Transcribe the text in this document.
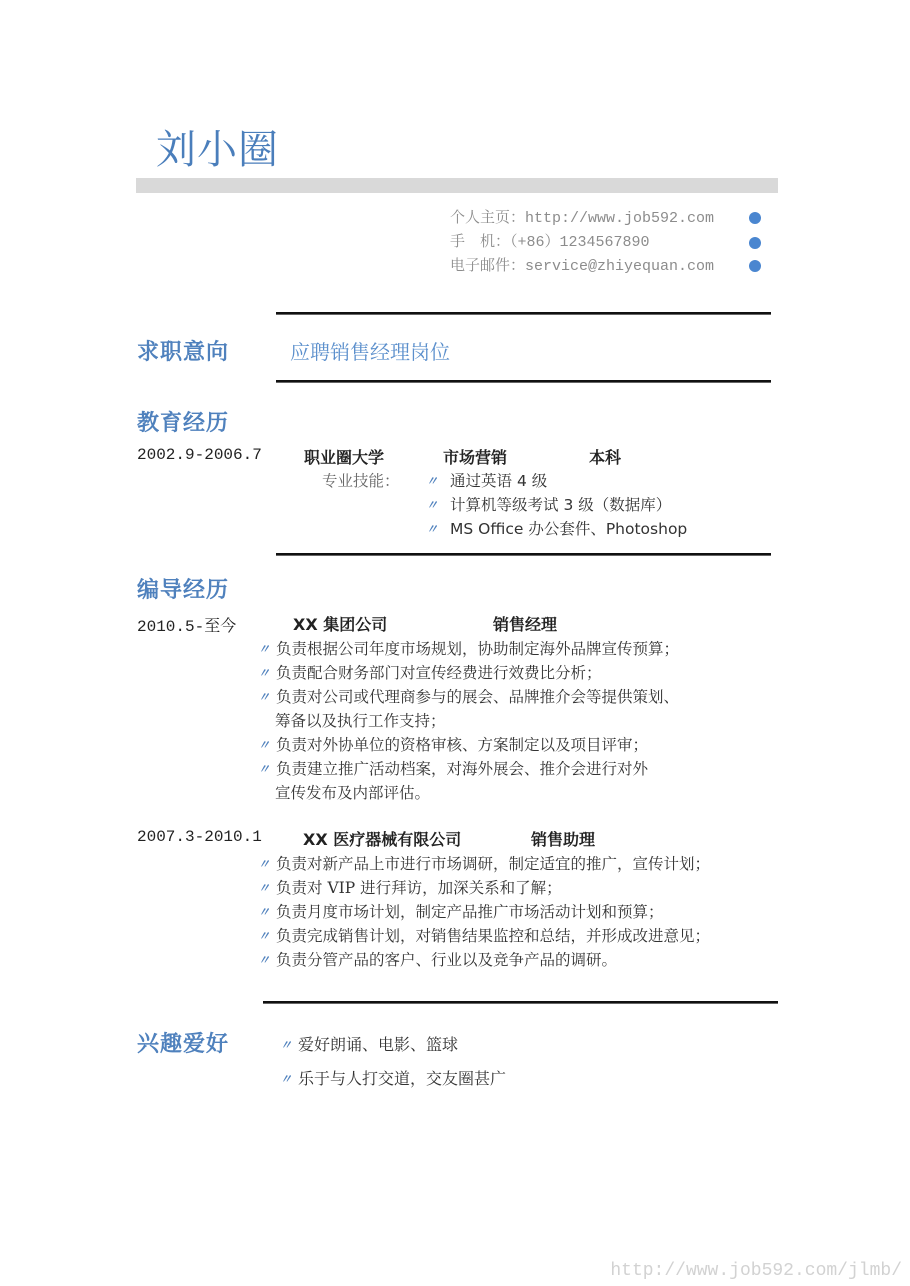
刘小圈
个人主页：http://www.job592.com
手　机：（+86）1234567890
电子邮件：service@zhiyequan.com
求职意向	应聘销售经理岗位
教育经历
2002.9-2006.7	职业圈大学	市场营销	本科
专业技能： 〃 通过英语 4 级
〃 计算机等级考试 3 级（数据库）
〃 MS Office 办公套件、Photoshop
编导经历
2010.5-至今	XX 集团公司	销售经理
〃 负责根据公司年度市场规划，协助制定海外品牌宣传预算；
〃 负责配合财务部门对宣传经费进行效费比分析；
〃 负责对公司或代理商参与的展会、品牌推介会等提供策划、
筹备以及执行工作支持；
〃 负责对外协单位的资格审核、方案制定以及项目评审；
〃 负责建立推广活动档案，对海外展会、推介会进行对外
宣传发布及内部评估。
2007.3-2010.1	XX 医疗器械有限公司	销售助理
〃 负责对新产品上市进行市场调研，制定适宜的推广，宣传计划；
〃 负责对 VIP 进行拜访，加深关系和了解；
〃 负责月度市场计划，制定产品推广市场活动计划和预算；
〃 负责完成销售计划，对销售结果监控和总结，并形成改进意见；
〃 负责分管产品的客户、行业以及竞争产品的调研。
兴趣爱好	〃 爱好朗诵、电影、篮球
〃 乐于与人打交道，交友圈甚广
http://www.job592.com/jlmb/
